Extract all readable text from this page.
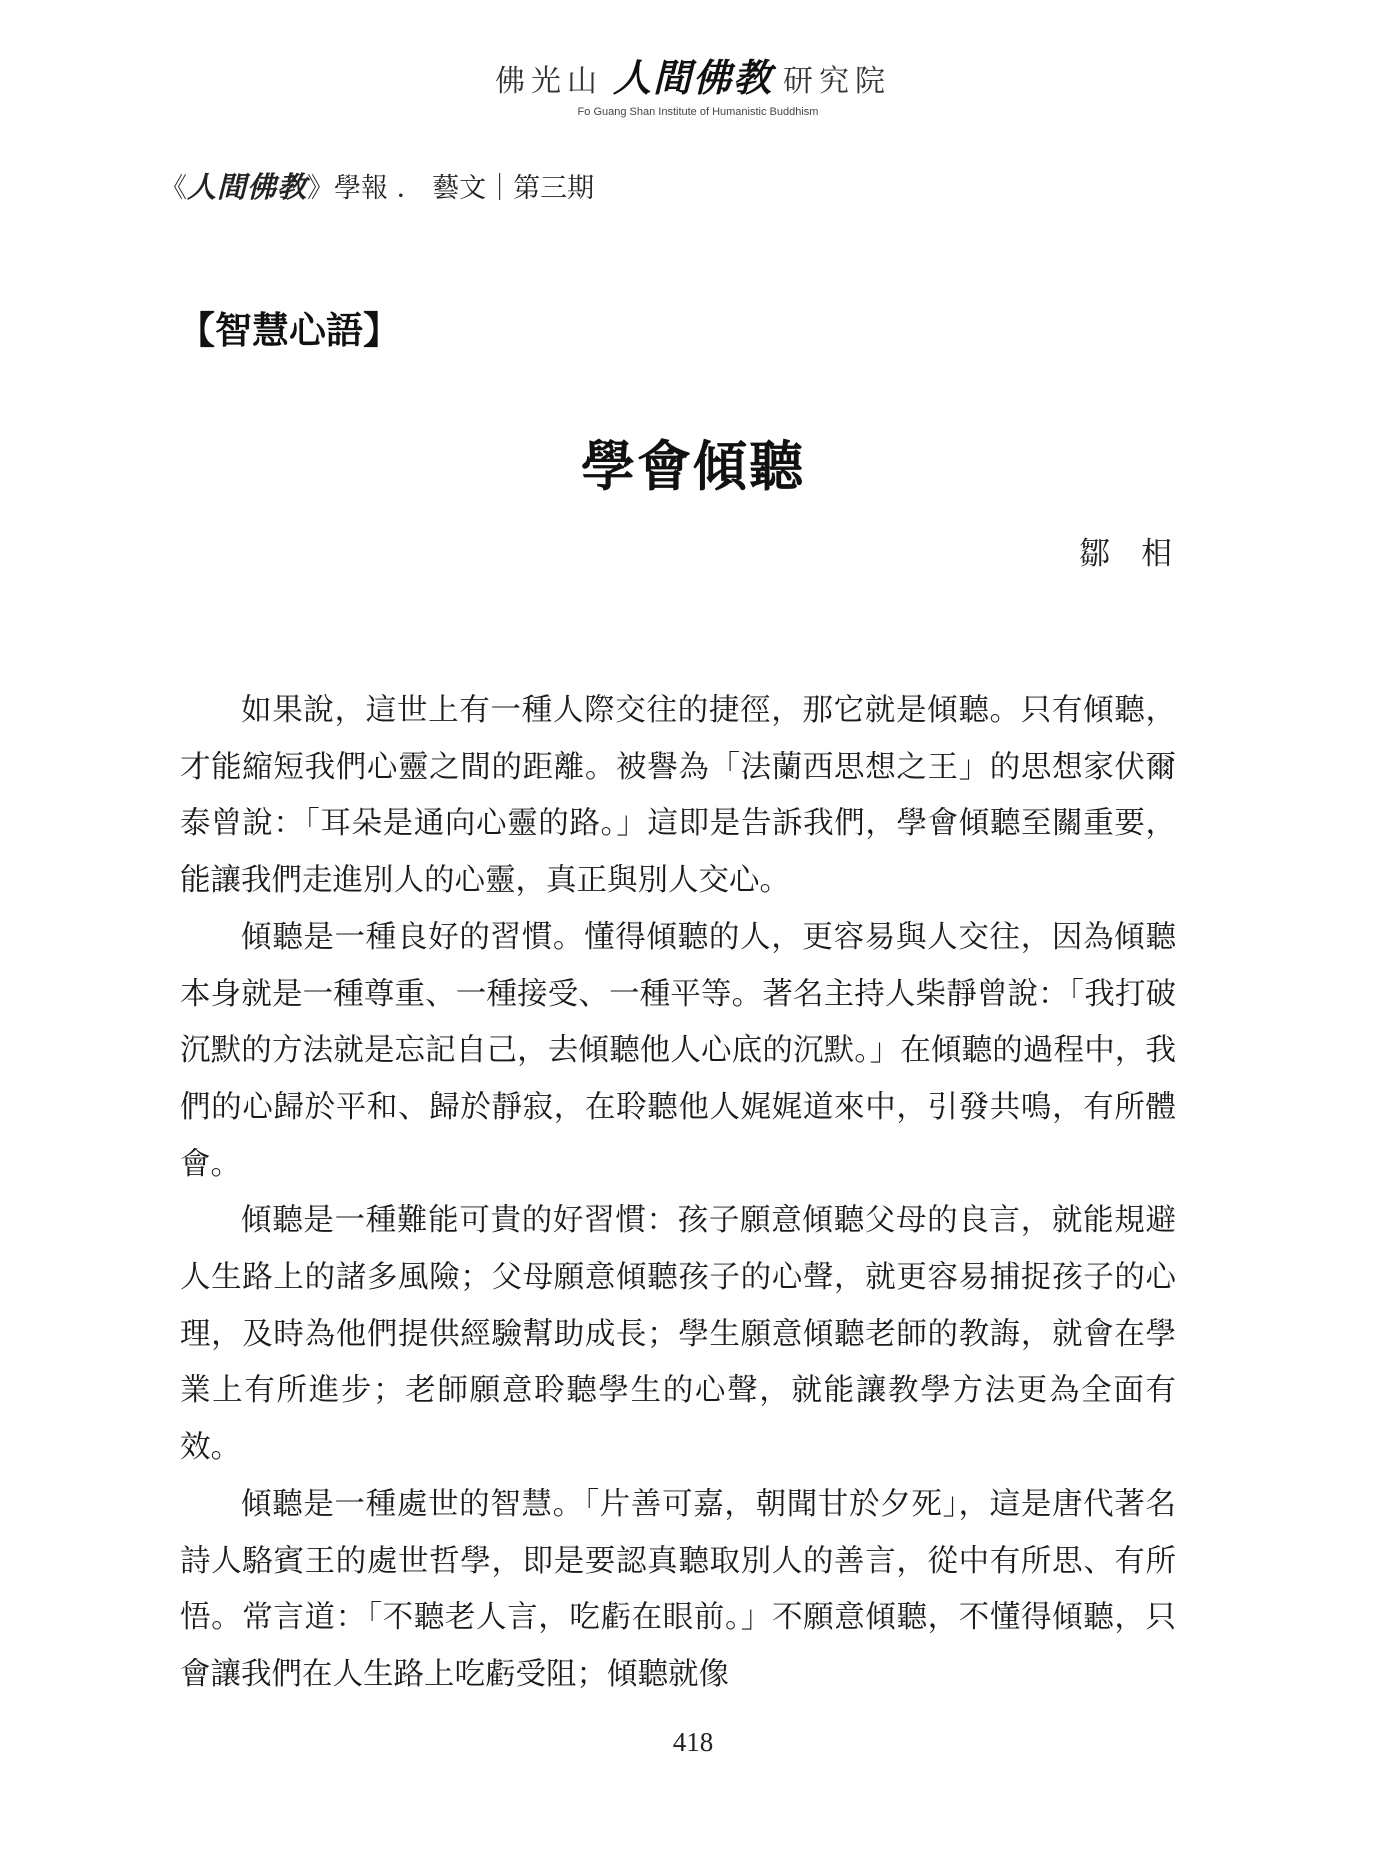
佛光山 人間佛教 研究院
Fo Guang Shan Institute of Humanistic Buddhism
《人間佛教》學報 ． 藝文｜第三期
【智慧心語】
學會傾聽
鄒　相

如果說，這世上有一種人際交往的捷徑，那它就是傾聽。只有傾聽，才能縮短我們心靈之間的距離。被譽為「法蘭西思想之王」的思想家伏爾泰曾說：「耳朵是通向心靈的路。」這即是告訴我們，學會傾聽至關重要，能讓我們走進別人的心靈，真正與別人交心。

傾聽是一種良好的習慣。懂得傾聽的人，更容易與人交往，因為傾聽本身就是一種尊重、一種接受、一種平等。著名主持人柴靜曾說：「我打破沉默的方法就是忘記自己，去傾聽他人心底的沉默。」在傾聽的過程中，我們的心歸於平和、歸於靜寂，在聆聽他人娓娓道來中，引發共鳴，有所體會。

傾聽是一種難能可貴的好習慣：孩子願意傾聽父母的良言，就能規避人生路上的諸多風險；父母願意傾聽孩子的心聲，就更容易捕捉孩子的心理，及時為他們提供經驗幫助成長；學生願意傾聽老師的教誨，就會在學業上有所進步；老師願意聆聽學生的心聲，就能讓教學方法更為全面有效。

傾聽是一種處世的智慧。「片善可嘉，朝聞甘於夕死」，這是唐代著名詩人駱賓王的處世哲學，即是要認真聽取別人的善言，從中有所思、有所悟。常言道：「不聽老人言，吃虧在眼前。」不願意傾聽，不懂得傾聽，只會讓我們在人生路上吃虧受阻；傾聽就像

418
